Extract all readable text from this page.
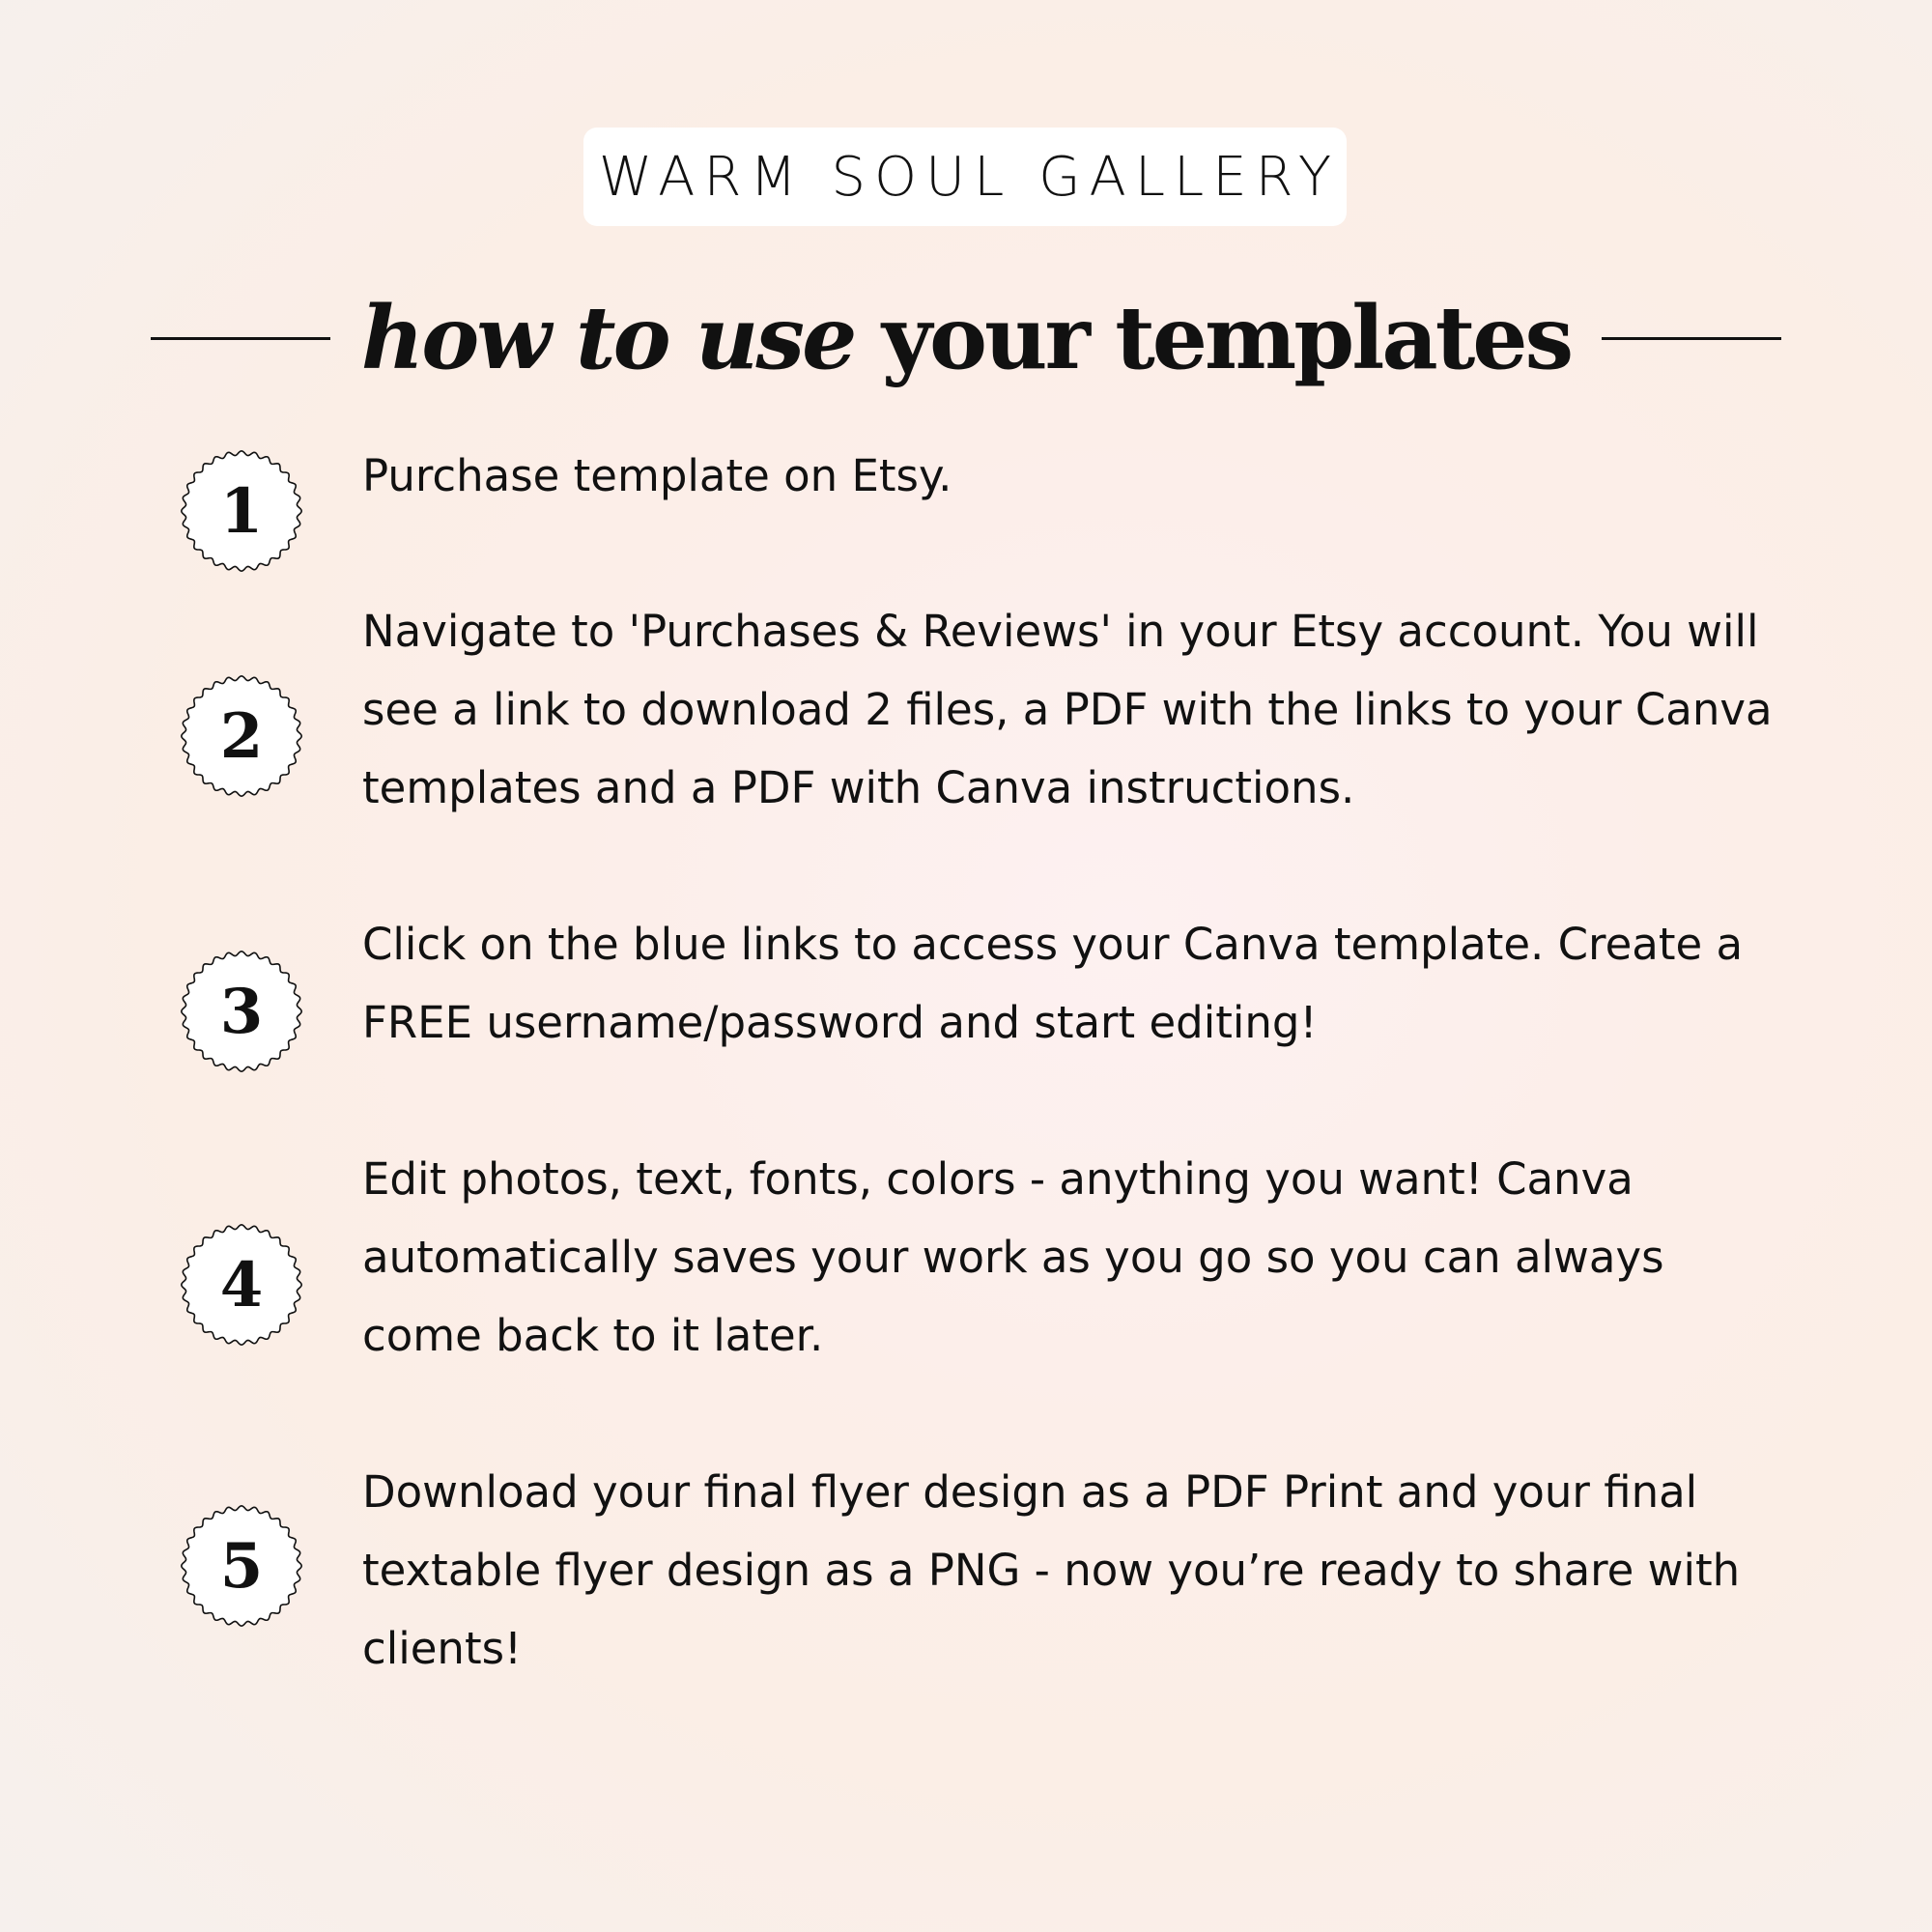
WARM SOUL GALLERY
how to use your templates
1	Purchase template on Etsy.

2

Navigate to 'Purchases & Reviews' in your Etsy account. You will see a link to download 2 files, a PDF with the links to your Canva templates and a PDF with Canva instructions.

3

Click on the blue links to access your Canva template. Create a FREE username/password and start editing!

4

Edit photos, text, fonts, colors - anything you want! Canva automatically saves your work as you go so you can always come back to it later.

5

Download your final flyer design as a PDF Print and your final textable flyer design as a PNG - now you’re ready to share with clients!
